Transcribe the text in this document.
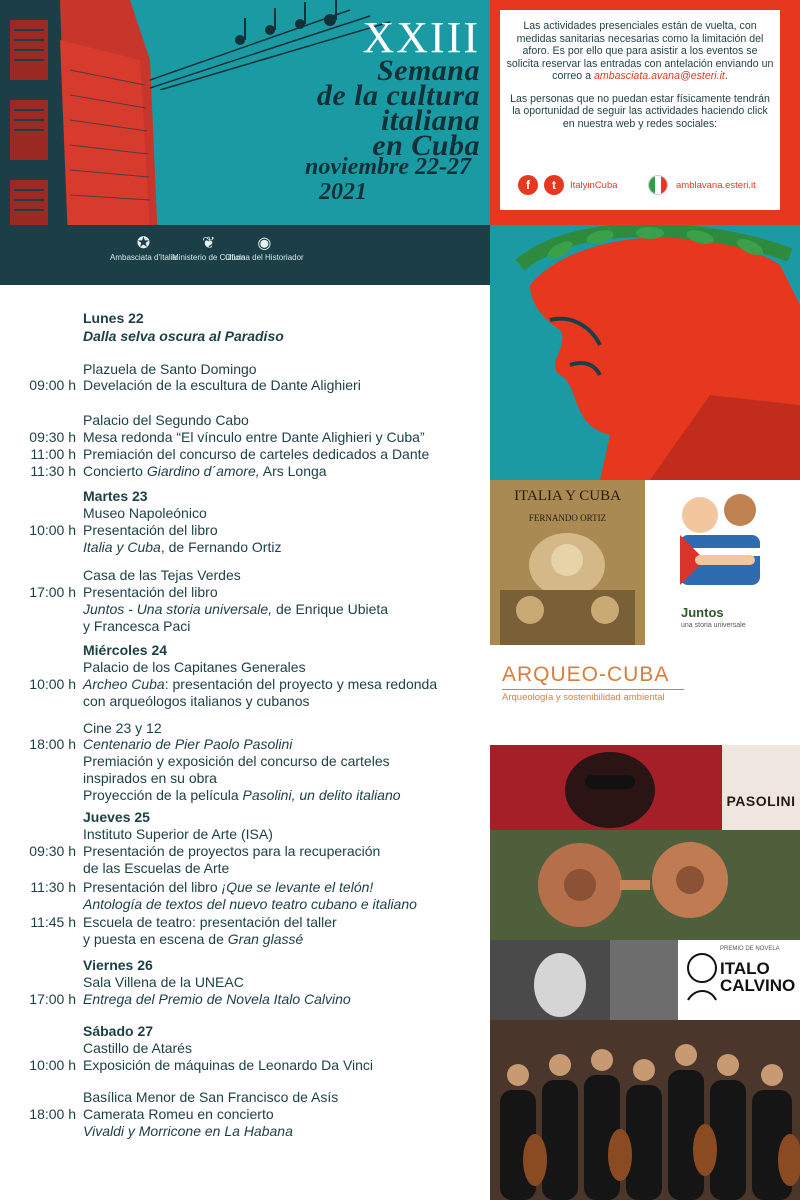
XXIII
Semana
de la cultura
italiana
en Cuba
noviembre 22-27
2021
✪
Ambasciata d'Italia
❦
Ministerio de Cultura
◉
Oficina del Historiador

Las actividades presenciales están de vuelta, con medidas sanitarias necesarias como la limitación del aforo. Es por ello que para asistir a los eventos se solicita reservar las entradas con antelación enviando un correo a ambasciata.avana@esteri.it.

Las personas que no puedan estar físicamente tendrán la oportunidad de seguir las actividades haciendo click en nuestra web y redes sociales:

f	t	ItalyinCuba	amblavana.esteri.it
ITALIA Y CUBA
FERNANDO ORTIZ
Juntos
una storia universale
ARQUEO-CUBA
Arqueología y sostenibilidad ambiental
PASOLINI
PREMIO DE NOVELA
ITALO
CALVINO
Lunes 22
Dalla selva oscura al Paradiso
Plazuela de Santo Domingo
09:00 h Develación de la escultura de Dante Alighieri
Palacio del Segundo Cabo
09:30 h Mesa redonda “El vínculo entre Dante Alighieri y Cuba”
11:00 h Premiación del concurso de carteles dedicados a Dante
11:30 h Concierto Giardino d´amore, Ars Longa
Martes 23
Museo Napoleónico
10:00 h Presentación del libro
Italia y Cuba, de Fernando Ortiz
Casa de las Tejas Verdes
17:00 h Presentación del libro
Juntos - Una storia universale, de Enrique Ubieta
y Francesca Paci
Miércoles 24
Palacio de los Capitanes Generales
10:00 h Archeo Cuba: presentación del proyecto y mesa redonda
con arqueólogos italianos y cubanos
Cine 23 y 12
18:00 h Centenario de Pier Paolo Pasolini
Premiación y exposición del concurso de carteles
inspirados en su obra
Proyección de la película Pasolini, un delito italiano
Jueves 25
Instituto Superior de Arte (ISA)
09:30 h Presentación de proyectos para la recuperación
de las Escuelas de Arte
11:30 h Presentación del libro ¡Que se levante el telón!
Antología de textos del nuevo teatro cubano e italiano
11:45 h Escuela de teatro: presentación del taller
y puesta en escena de Gran glassé
Viernes 26
Sala Villena de la UNEAC
17:00 h Entrega del Premio de Novela Italo Calvino
Sábado 27
Castillo de Atarés
10:00 h Exposición de máquinas de Leonardo Da Vinci
Basílica Menor de San Francisco de Asís
18:00 h Camerata Romeu en concierto
Vivaldi y Morricone en La Habana
